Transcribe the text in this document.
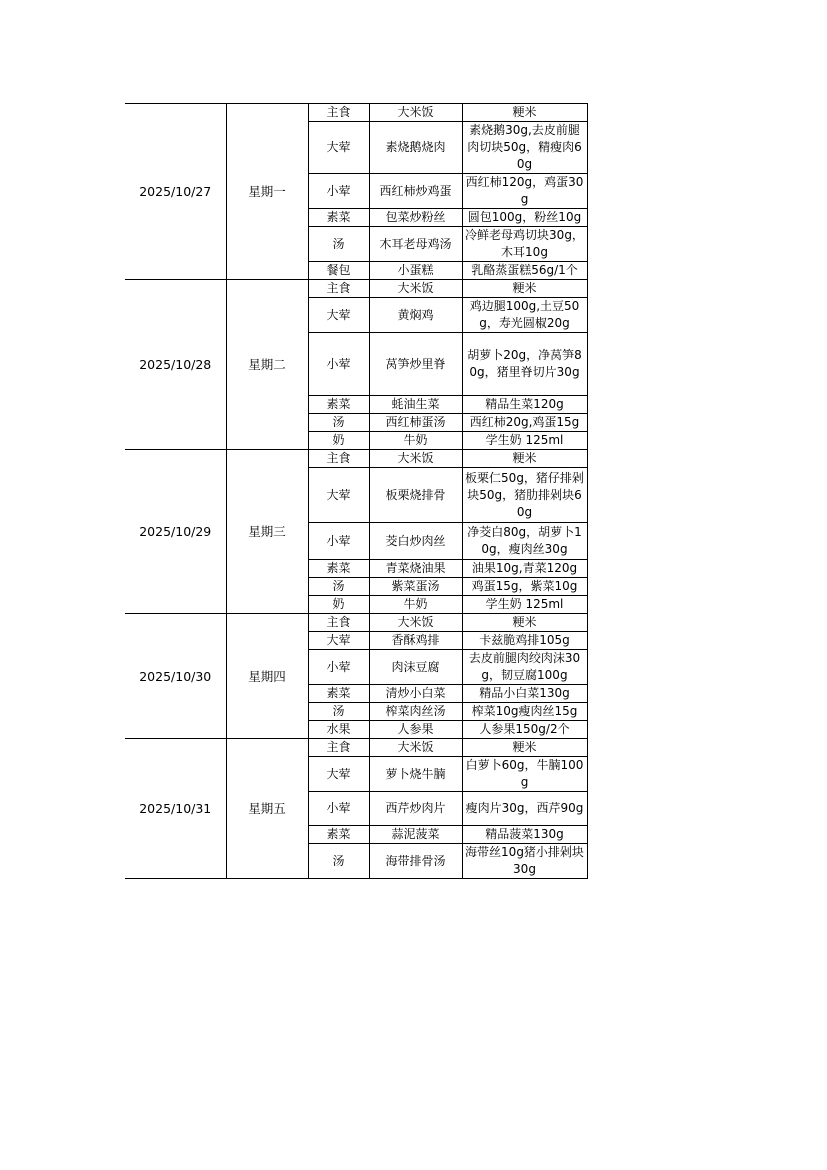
2025/10/27	星期一	主食	大米饭	粳米
		大荤	素烧鹅烧肉	素烧鹅30g,去皮前腿肉切块50g，精瘦肉60g
		小荤	西红柿炒鸡蛋	西红柿120g，鸡蛋30g
		素菜	包菜炒粉丝	圆包100g，粉丝10g
		汤	木耳老母鸡汤	冷鲜老母鸡切块30g，木耳10g
		餐包	小蛋糕	乳酪蒸蛋糕56g/1个
2025/10/28	星期二	主食	大米饭	粳米
		大荤	黄焖鸡	鸡边腿100g,土豆50g，寿光圆椒20g
		小荤	莴笋炒里脊	胡萝卜20g，净莴笋80g，猪里脊切片30g
		素菜	蚝油生菜	精品生菜120g
		汤	西红柿蛋汤	西红柿20g,鸡蛋15g
		奶	牛奶	学生奶 125ml
2025/10/29	星期三	主食	大米饭	粳米
		大荤	板栗烧排骨	板栗仁50g，猪仔排剁块50g，猪肋排剁块60g
		小荤	茭白炒肉丝	净茭白80g，胡萝卜10g，瘦肉丝30g
		素菜	青菜烧油果	油果10g,青菜120g
		汤	紫菜蛋汤	鸡蛋15g，紫菜10g
		奶	牛奶	学生奶 125ml
2025/10/30	星期四	主食	大米饭	粳米
		大荤	香酥鸡排	卡兹脆鸡排105g
		小荤	肉沫豆腐	去皮前腿肉绞肉沫30g，韧豆腐100g
		素菜	清炒小白菜	精品小白菜130g
		汤	榨菜肉丝汤	榨菜10g瘦肉丝15g
		水果	人参果	人参果150g/2个
2025/10/31	星期五	主食	大米饭	粳米
		大荤	萝卜烧牛腩	白萝卜60g，牛腩100g
		小荤	西芹炒肉片	瘦肉片30g，西芹90g
		素菜	蒜泥菠菜	精品菠菜130g
		汤	海带排骨汤	海带丝10g猪小排剁块30g
